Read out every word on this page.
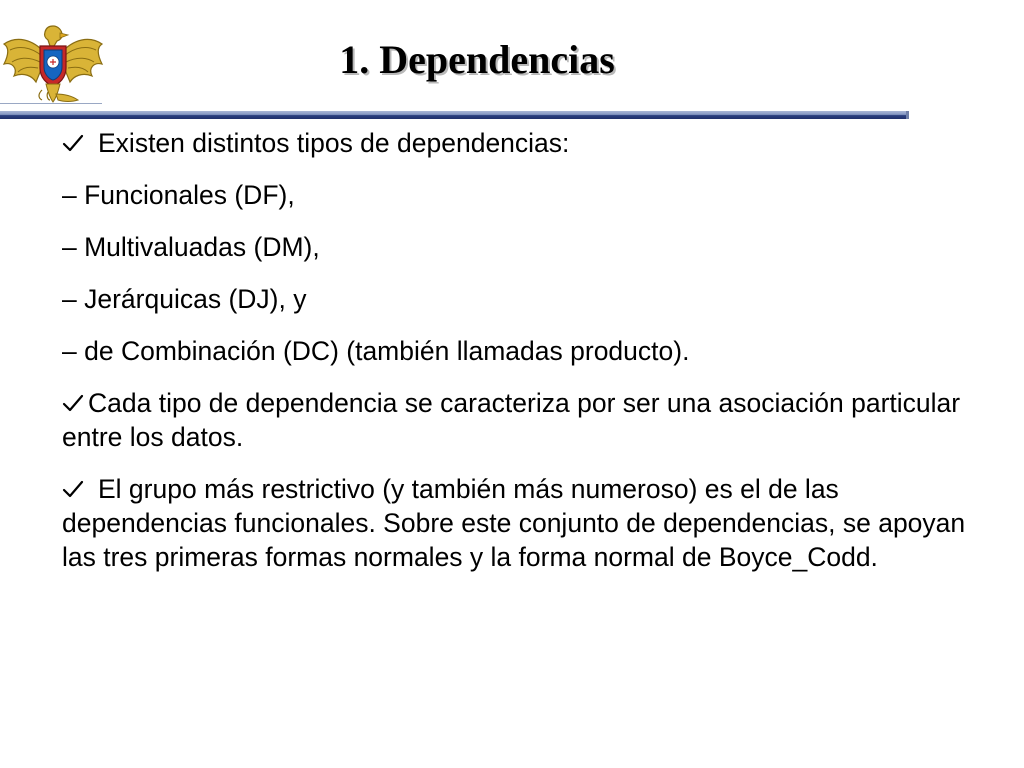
1. Dependencias

Existen distintos tipos de dependencias:

– Funcionales (DF),

– Multivaluadas (DM),

– Jerárquicas (DJ), y

– de Combinación (DC) (también llamadas producto).

Cada tipo de dependencia se caracteriza por ser una asociación particular entre los datos.

El grupo más restrictivo (y también más numeroso) es el de las dependencias funcionales. Sobre este conjunto de dependencias, se apoyan las tres primeras formas normales y la forma normal de Boyce_Codd.
